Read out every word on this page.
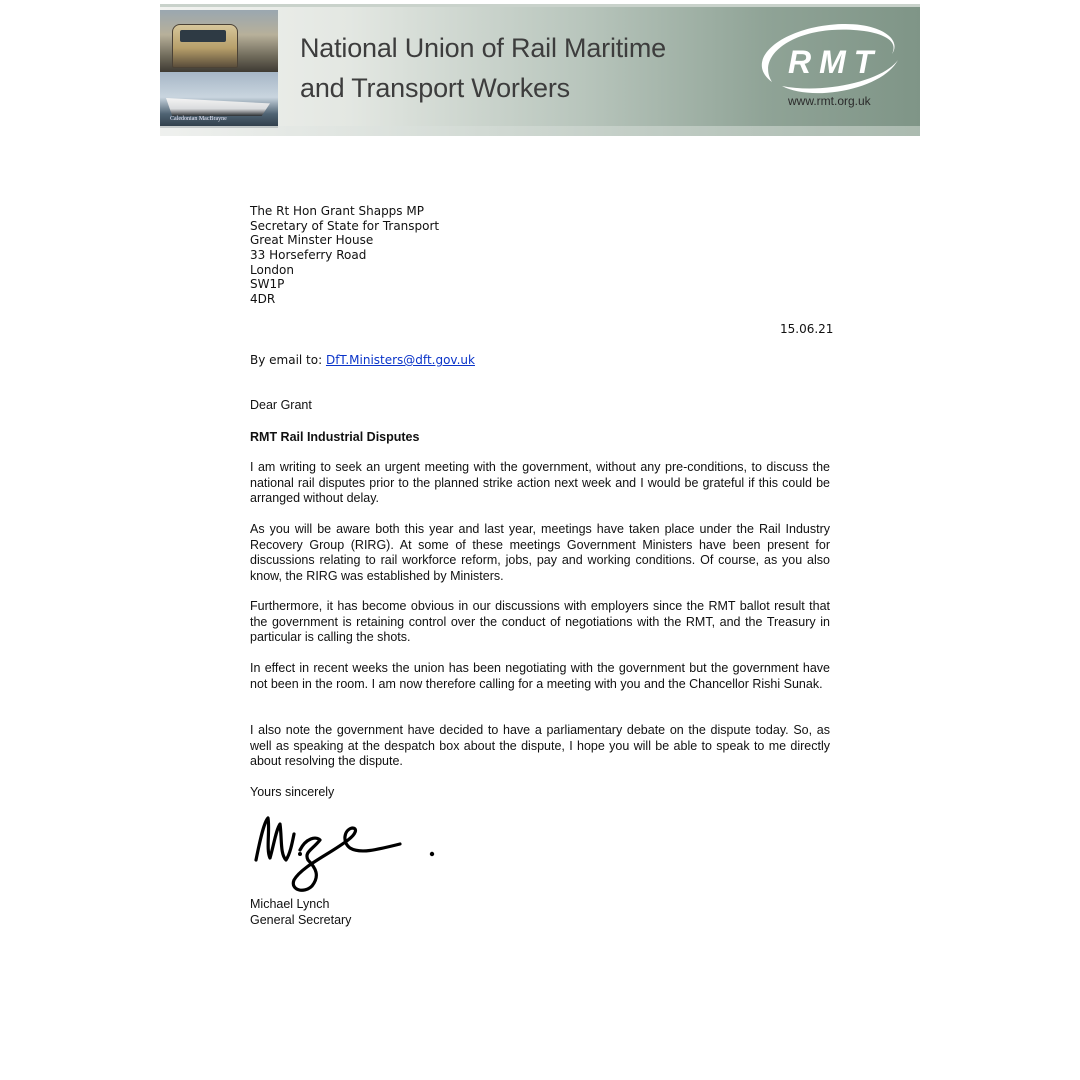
Caledonian MacBrayne
National Union of Rail Maritime
and Transport Workers
RMT
www.rmt.org.uk
The Rt Hon Grant Shapps MP
Secretary of State for Transport
Great Minster House
33 Horseferry Road
London
SW1P
4DR
15.06.21
By email to: DfT.Ministers@dft.gov.uk
Dear Grant
RMT Rail Industrial Disputes
I am writing to seek an urgent meeting with the government, without any pre-conditions, to discuss the national rail disputes prior to the planned strike action next week and I would be grateful if this could be arranged without delay.
As you will be aware both this year and last year, meetings have taken place under the Rail Industry Recovery Group (RIRG). At some of these meetings Government Ministers have been present for discussions relating to rail workforce reform, jobs, pay and working conditions. Of course, as you also know, the RIRG was established by Ministers.
Furthermore, it has become obvious in our discussions with employers since the RMT ballot result that the government is retaining control over the conduct of negotiations with the RMT, and the Treasury in particular is calling the shots.
In effect in recent weeks the union has been negotiating with the government but the government have not been in the room. I am now therefore calling for a meeting with you and the Chancellor Rishi Sunak.
I also note the government have decided to have a parliamentary debate on the dispute today. So, as well as speaking at the despatch box about the dispute, I hope you will be able to speak to me directly about resolving the dispute.
Yours sincerely
Michael Lynch
General Secretary
